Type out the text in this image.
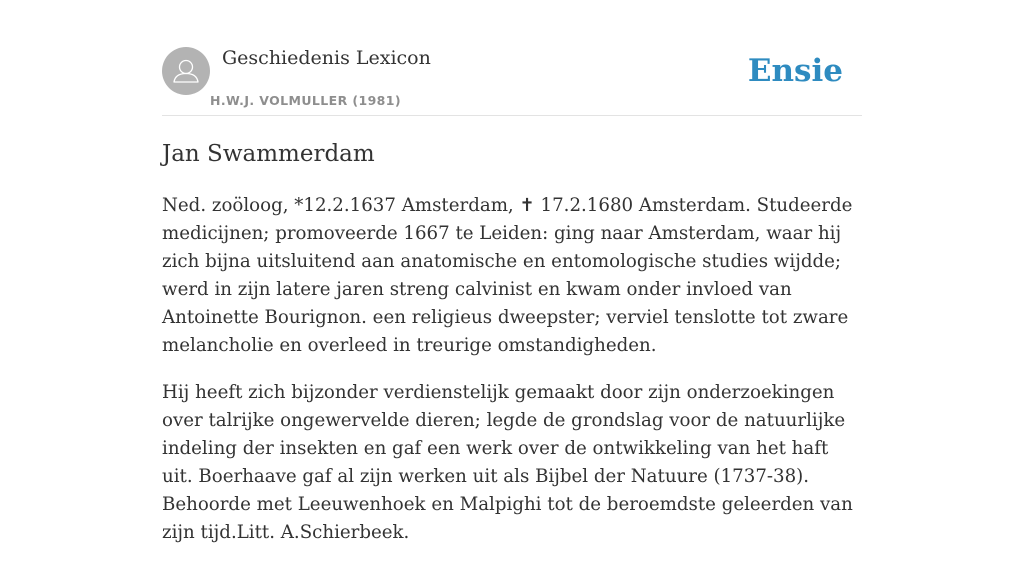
Geschiedenis Lexicon
H.W.J. VOLMULLER (1981)
Ensie
Jan Swammerdam

Ned. zoöloog, *12.2.1637 Amsterdam, ✝ 17.2.1680 Amsterdam. Studeerde medicijnen; promoveerde 1667 te Leiden: ging naar Amsterdam, waar hij zich bijna uitsluitend aan anatomische en entomologische studies wijdde; werd in zijn latere jaren streng calvinist en kwam onder invloed van Antoinette Bourignon. een religieus dweepster; verviel tenslotte tot zware melancholie en overleed in treurige omstandigheden.

Hij heeft zich bijzonder verdienstelijk gemaakt door zijn onderzoekingen over talrijke ongewervelde dieren; legde de grondslag voor de natuurlijke indeling der insekten en gaf een werk over de ontwikkeling van het haft uit. Boerhaave gaf al zijn werken uit als Bijbel der Natuure (1737-38). Behoorde met Leeuwenhoek en Malpighi tot de beroemdste geleerden van zijn tijd.Litt. A.Schierbeek.
